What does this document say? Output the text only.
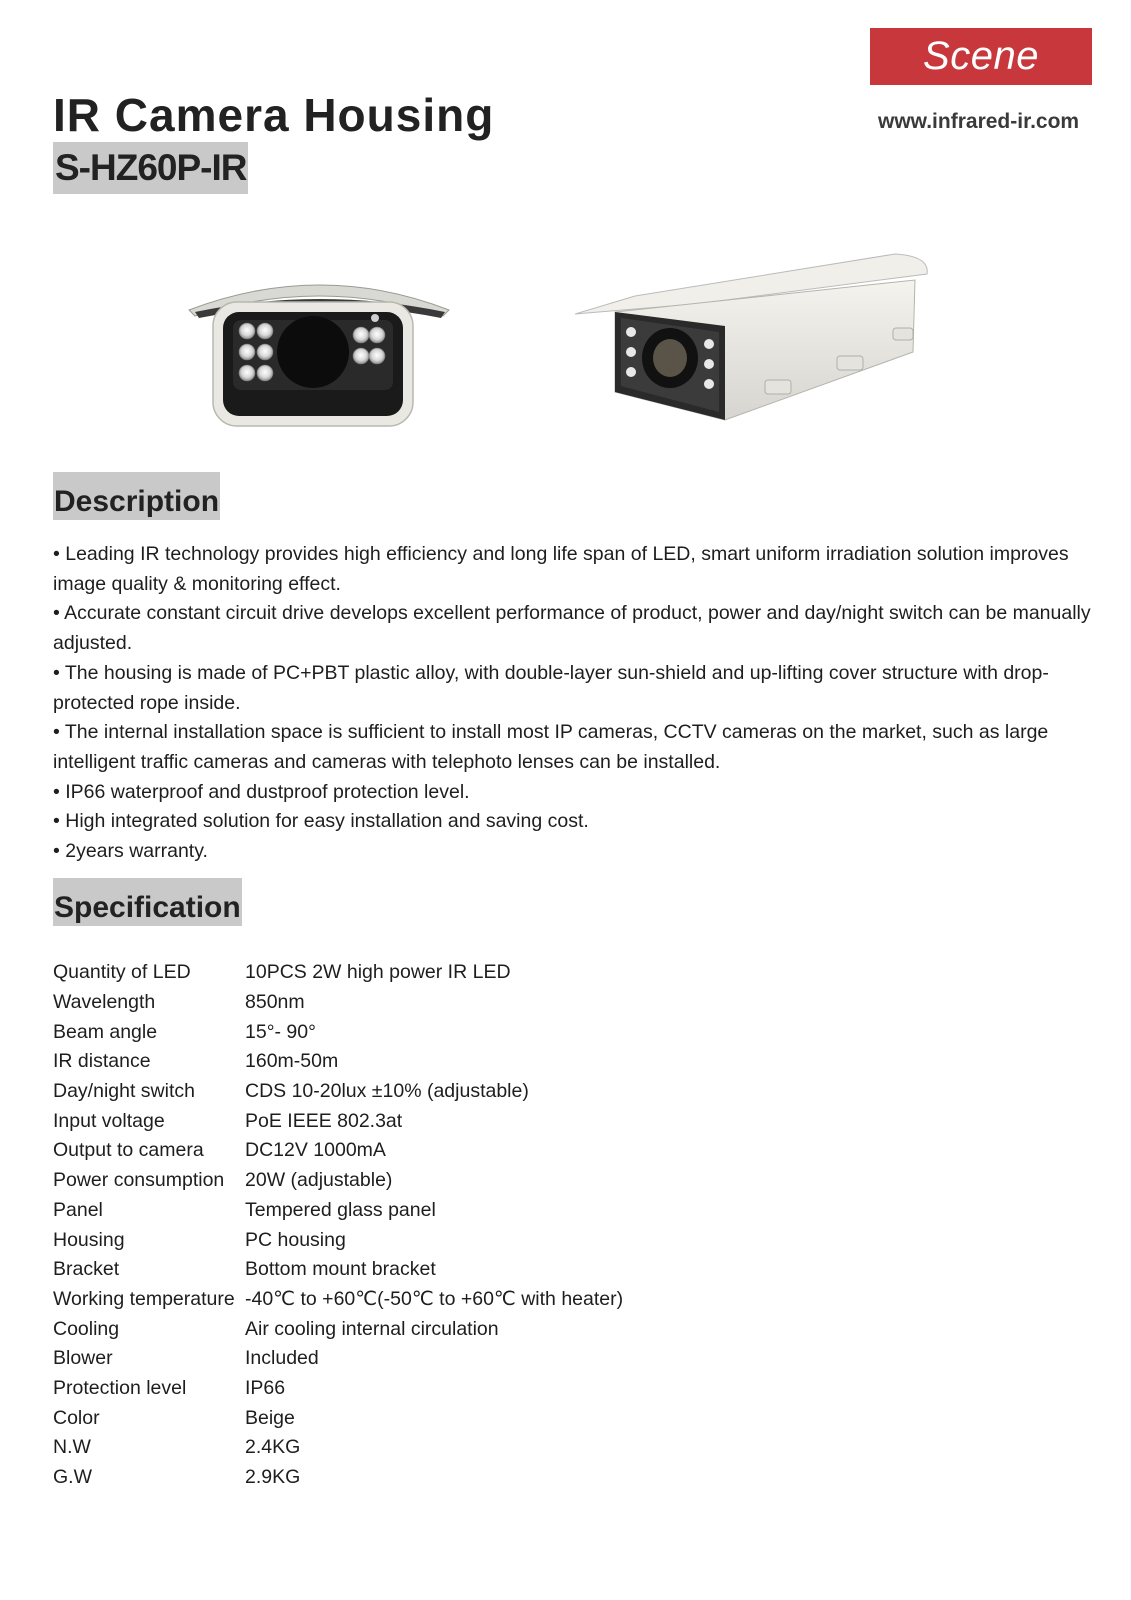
Scene
®
www.infrared-ir.com
IR Camera Housing
S-HZ60P-IR
Description
• Leading IR technology provides high efficiency and long life span of LED, smart uniform irradiation solution improves image quality & monitoring effect.
• Accurate constant circuit drive develops excellent performance of product, power and day/night switch can be manually adjusted.
• The housing is made of PC+PBT plastic alloy, with double-layer sun-shield and up-lifting cover structure with drop-protected rope inside.
• The internal installation space is sufficient to install most IP cameras, CCTV cameras on the market, such as large intelligent traffic cameras and cameras with telephoto lenses can be installed.
• IP66 waterproof and dustproof protection level.
• High integrated solution for easy installation and saving cost.
• 2years warranty.
Specification
Quantity of LED	10PCS 2W high power IR LED
Wavelength	850nm
Beam angle	15°- 90°
IR distance	160m-50m
Day/night switch	CDS 10-20lux ±10% (adjustable)
Input voltage	PoE IEEE 802.3at
Output to camera	DC12V 1000mA
Power consumption	20W (adjustable)
Panel	Tempered glass panel
Housing	PC housing
Bracket	Bottom mount bracket
Working temperature	-40℃ to +60℃(-50℃ to +60℃ with heater)
Cooling	Air cooling internal circulation
Blower	Included
Protection level	IP66
Color	Beige
N.W	2.4KG
G.W	2.9KG
